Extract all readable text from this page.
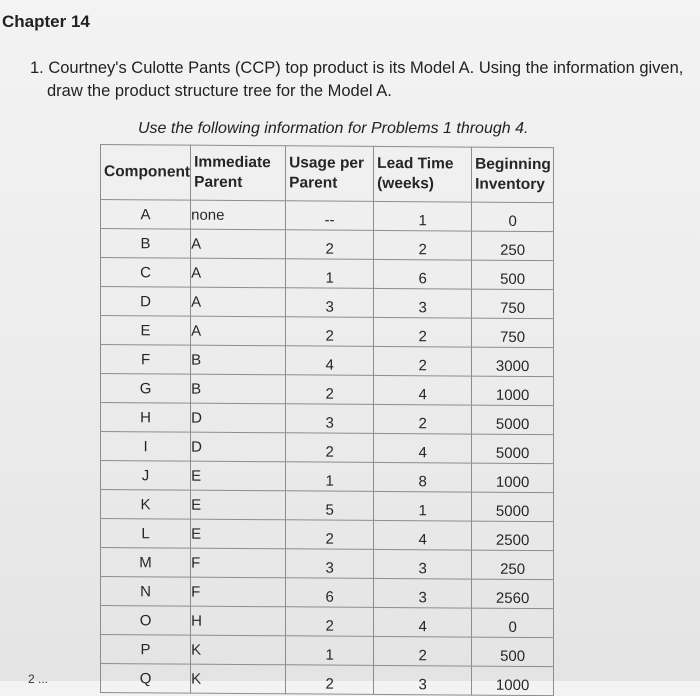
Chapter 14
1. Courtney's Culotte Pants (CCP) top product is its Model A. Using the information given,
draw the product structure tree for the Model A.
Use the following information for Problems 1 through 4.
Component	Immediate Parent	Usage per Parent	Lead Time (weeks)	Beginning Inventory
A	none	--	1	0
B	A	2	2	250
C	A	1	6	500
D	A	3	3	750
E	A	2	2	750
F	B	4	2	3000
G	B	2	4	1000
H	D	3	2	5000
I	D	2	4	5000
J	E	1	8	1000
K	E	5	1	5000
L	E	2	4	2500
M	F	3	3	250
N	F	6	3	2560
O	H	2	4	0
P	K	1	2	500
Q	K	2	3	1000
2 ...
